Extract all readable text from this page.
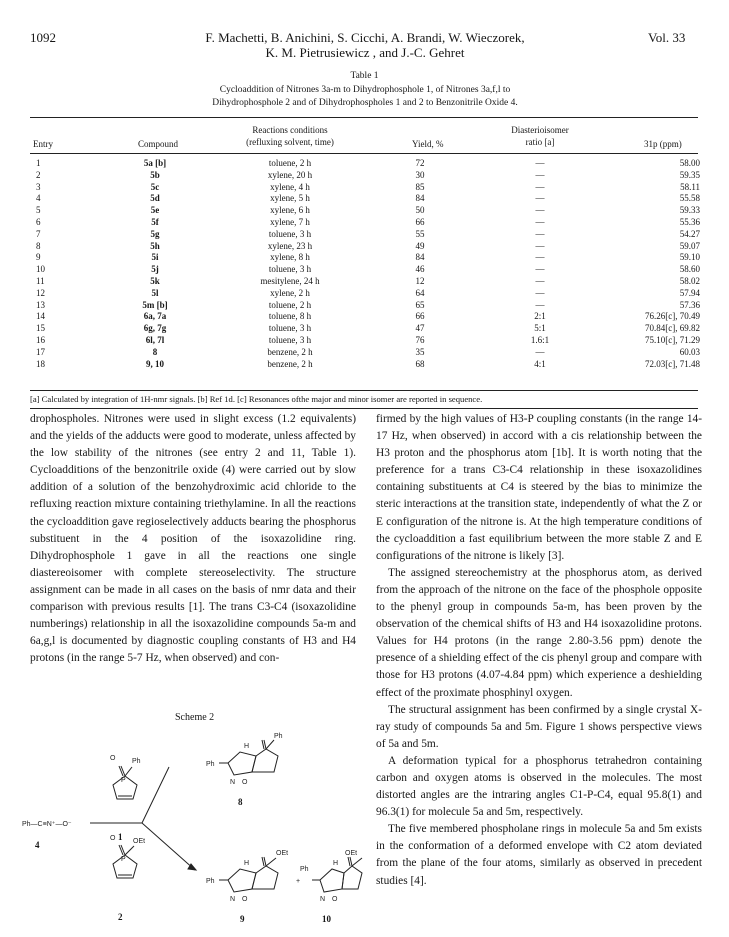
1092	F. Machetti, B. Anichini, S. Cicchi, A. Brandi, W. Wieczorek,
K. M. Pietrusiewicz , and J.-C. Gehret
Vol. 33
Table 1
Cycloaddition of Nitrones 3a-m to Dihydrophosphole 1, of Nitrones 3a,f,l to
Dihydrophosphole 2 and of Dihydrophospholes 1 and 2 to Benzonitrile Oxide 4.
Entry	Compound
Reactions conditions
(refluxing solvent, time)	Yield, %
Diasterioisomer
ratio [a]	31p (ppm)
1	5a [b]	toluene, 2 h	72	—	58.00
2	5b	xylene, 20 h	30	—	59.35
3	5c	xylene, 4 h	85	—	58.11
4	5d	xylene, 5 h	84	—	55.58
5	5e	xylene, 6 h	50	—	59.33
6	5f	xylene, 7 h	66	—	55.36
7	5g	toluene, 3 h	55	—	54.27
8	5h	xylene, 23 h	49	—	59.07
9	5i	xylene, 8 h	84	—	59.10
10	5j	toluene, 3 h	46	—	58.60
11	5k	mesitylene, 24 h	12	—	58.02
12	5l	xylene, 2 h	64	—	57.94
13	5m [b]	toluene, 2 h	65	—	57.36
14	6a, 7a	toluene, 8 h	66	2:1	76.26[c], 70.49
15	6g, 7g	toluene, 3 h	47	5:1	70.84[c], 69.82
16	6l, 7l	toluene, 3 h	76	1.6:1	75.10[c], 71.29
17	8	benzene, 2 h	35	—	60.03
18	9, 10	benzene, 2 h	68	4:1	72.03[c], 71.48
[a] Calculated by integration of 1H-nmr signals. [b] Ref 1d. [c] Resonances ofthe major and minor isomer are reported in sequence.

drophospholes. Nitrones were used in slight excess (1.2 equivalents) and the yields of the adducts were good to moderate, unless affected by the low stability of the nitrones (see entry 2 and 11, Table 1). Cycloadditions of the benzonitrile oxide (4) were carried out by slow addition of a solution of the benzohydroximic acid chloride to the refluxing reaction mixture containing triethylamine. In all the reactions the cycloaddition gave regioselectively adducts bearing the phosphorus substituent in the 4 position of the isoxazolidine ring. Dihydrophosphole 1 gave in all the reactions one single diastereoisomer with complete stereoselectivity. The structure assignment can be made in all cases on the basis of nmr data and their comparison with previous results [1]. The trans C3-C4 (isoxazolidine numberings) relationship in all the isoxazolidine compounds 5a-m and 6a,g,l is documented by diagnostic coupling constants of H3 and H4 protons (in the range 5-7 Hz, when observed) and con-

Scheme 2
O Ph
P
O	OEt
P
Ph—C≡N⁺—O⁻
Ph
H
Ph
N O
Ph
H
OEt
N O
+
Ph
H
OEt
N O
1
4
2
8
9	10

firmed by the high values of H3-P coupling constants (in the range 14-17 Hz, when observed) in accord with a cis relationship between the H3 proton and the phosphorus atom [1b]. It is worth noting that the preference for a trans C3-C4 relationship in these isoxazolidines containing substituents at C4 is steered by the bias to minimize the steric interactions at the transition state, independently of what the Z or E configuration of the nitrone is. At the high temperature conditions of the cycloaddition a fast equilibrium between the more stable Z and E configurations of the nitrone is likely [3].

The assigned stereochemistry at the phosphorus atom, as derived from the approach of the nitrone on the face of the phosphole opposite to the phenyl group in compounds 5a-m, has been proven by the observation of the chemical shifts of H3 and H4 isoxazolidine protons. Values for H4 protons (in the range 2.80-3.56 ppm) denote the presence of a shielding effect of the cis phenyl group and compare with those for H3 protons (4.07-4.84 ppm) which experience a deshielding effect of the proximate phosphinyl oxygen.

The structural assignment has been confirmed by a single crystal X-ray study of compounds 5a and 5m. Figure 1 shows perspective views of 5a and 5m.

A deformation typical for a phosphorus tetrahedron containing carbon and oxygen atoms is observed in the molecules. The most distorted angles are the intraring angles C1-P-C4, equal 95.8(1) and 96.3(1) for molecule 5a and 5m, respectively.

The five membered phospholane rings in molecule 5a and 5m exists in the conformation of a deformed envelope with C2 atom deviated from the plane of the four atoms, similarly as observed in precedent studies [4].
